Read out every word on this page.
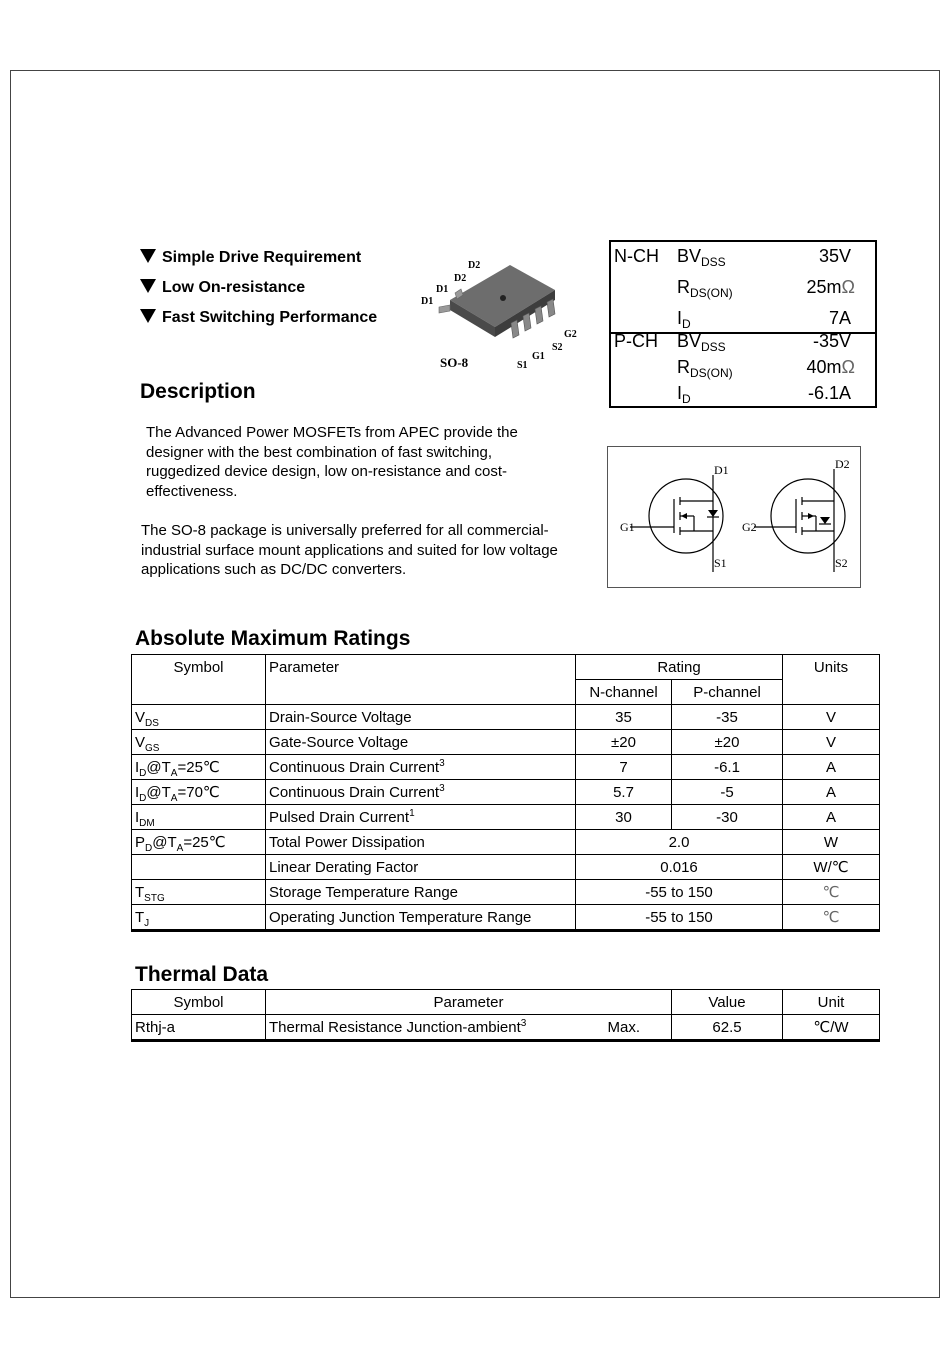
Simple Drive Requirement
Low On-resistance
Fast Switching Performance
D2
D2
D1
D1
G2
S2
G1
S1
SO-8
N-CH $BV_{DSS}$	35V
$R_{DS(ON)}$	25mΩ
$I_D$	7A
P-CH $BV_{DSS}$	-35V
$R_{DS(ON)}$	40mΩ
$I_D$	-6.1A
Description
The Advanced Power MOSFETs from APEC provide the designer with the best combination of fast switching, ruggedized device design, low on-resistance and cost-effectiveness.
The SO-8 package is universally preferred for all commercial-industrial surface mount applications and suited for low voltage applications such as DC/DC converters.
D1
G1
S1
D2
G2
S2
Absolute Maximum Ratings
Symbol	Parameter	Rating		Units
		N-channel	P-channel	
$V_{DS}$	Drain-Source Voltage	35	-35	V
$V_{GS}$	Gate-Source Voltage	±20	±20	V
$I_D@T_A=25℃$	Continuous Drain Current$^3$	7	-6.1	A
$I_D@T_A=70℃$	Continuous Drain Current$^3$	5.7	-5	A
$I_{DM}$	Pulsed Drain Current$^1$	30	-30	A
$P_D@T_A=25℃$	Total Power Dissipation	2.0		W
	Linear Derating Factor	0.016		W/℃
$T_{STG}$	Storage Temperature Range	-55 to 150		℃
$T_J$	Operating Junction Temperature Range	-55 to 150		℃
Thermal Data
Symbol	Parameter	Value	Unit
Rthj-a	Thermal Resistance Junction-ambient$^3$ Max.	62.5	℃/W
